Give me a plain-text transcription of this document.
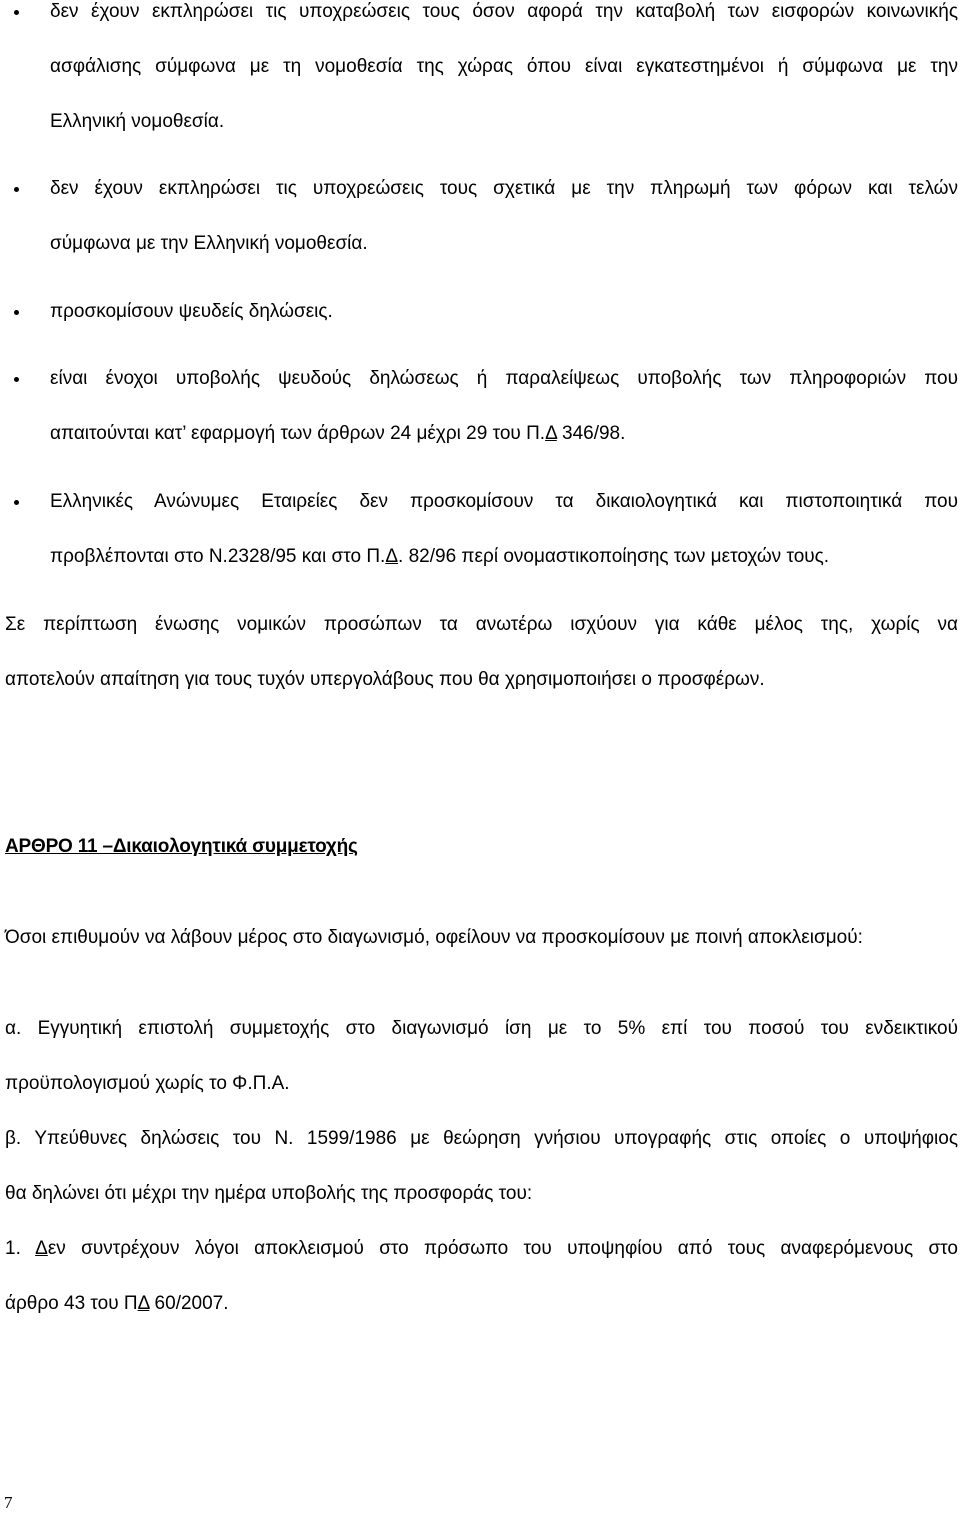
δεν έχουν εκπληρώσει τις υποχρεώσεις τους όσον αφορά την καταβολή των εισφορών κοινωνικής
ασφάλισης σύμφωνα με τη νομοθεσία της χώρας όπου είναι εγκατεστημένοι ή σύμφωνα με την
Ελληνική νομοθεσία.
δεν έχουν εκπληρώσει τις υποχρεώσεις τους σχετικά με την πληρωμή των φόρων και τελών
σύμφωνα με την Ελληνική νομοθεσία.
προσκομίσουν ψευδείς δηλώσεις.
είναι ένοχοι υποβολής ψευδούς δηλώσεως ή παραλείψεως υποβολής των πληροφοριών που
απαιτούνται κατ’ εφαρμογή των άρθρων 24 μέχρι 29 του Π.Δ 346/98.
Ελληνικές Ανώνυμες Εταιρείες δεν προσκομίσουν τα δικαιολογητικά και πιστοποιητικά που
προβλέπονται στο Ν.2328/95 και στο Π.Δ. 82/96 περί ονομαστικοποίησης των μετοχών τους.
Σε περίπτωση ένωσης νομικών προσώπων τα ανωτέρω ισχύουν για κάθε μέλος της, χωρίς να
αποτελούν απαίτηση για τους τυχόν υπεργολάβους που θα χρησιμοποιήσει ο προσφέρων.
ΑΡΘΡΟ 11 –Δικαιολογητικά συμμετοχής
Όσοι επιθυμούν να λάβουν μέρος στο διαγωνισμό, οφείλουν να προσκομίσουν με ποινή αποκλεισμού:
α. Εγγυητική επιστολή συμμετοχής στο διαγωνισμό ίση με το 5% επί του ποσού του ενδεικτικού
προϋπολογισμού χωρίς το Φ.Π.Α.
β. Υπεύθυνες δηλώσεις του Ν. 1599/1986 με θεώρηση γνήσιου υπογραφής στις οποίες ο υποψήφιος
θα δηλώνει ότι μέχρι την ημέρα υποβολής της προσφοράς του:
1. Δεν συντρέχουν λόγοι αποκλεισμού στο πρόσωπο του υποψηφίου από τους αναφερόμενους στο
άρθρο 43 του ΠΔ 60/2007.
7
